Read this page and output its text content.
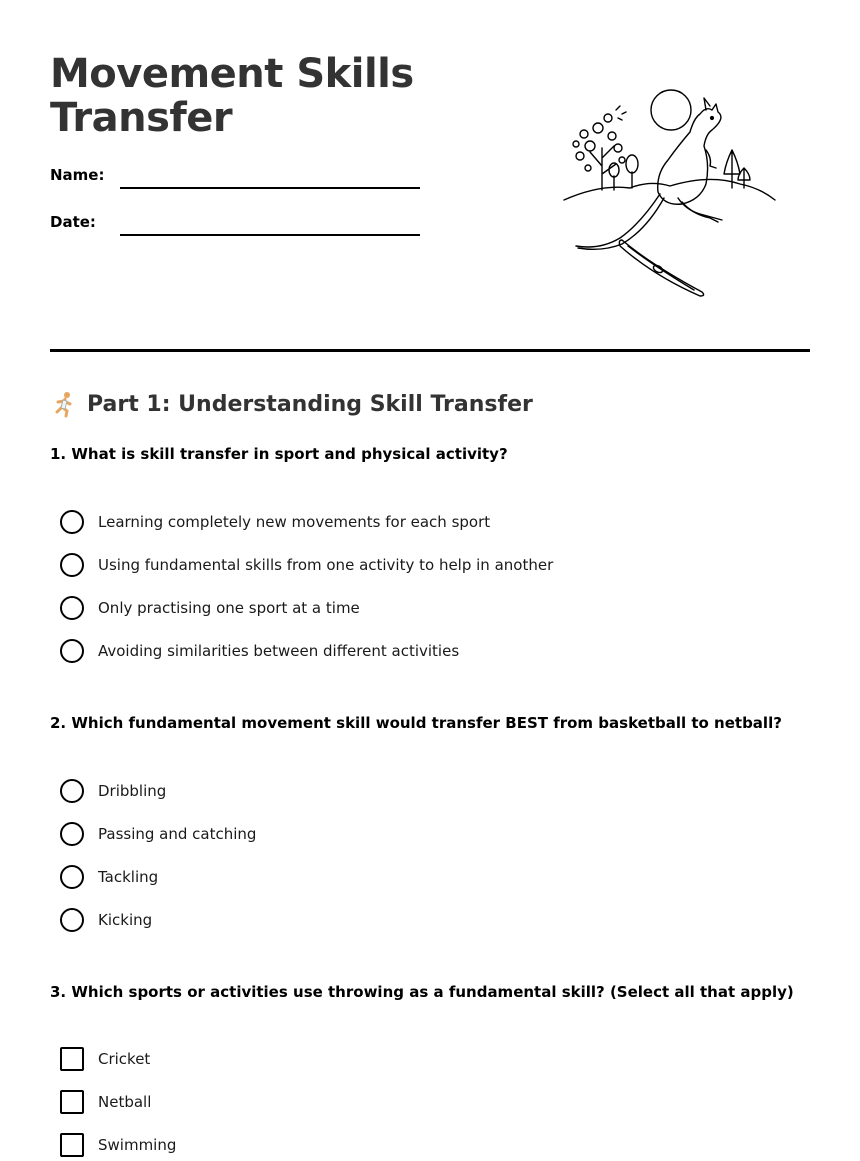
Movement Skills Transfer
Name:
Date:
Part 1: Understanding Skill Transfer
1. What is skill transfer in sport and physical activity?
Learning completely new movements for each sport
Using fundamental skills from one activity to help in another
Only practising one sport at a time
Avoiding similarities between different activities
2. Which fundamental movement skill would transfer BEST from basketball to netball?
Dribbling
Passing and catching
Tackling
Kicking
3. Which sports or activities use throwing as a fundamental skill? (Select all that apply)
Cricket
Netball
Swimming
